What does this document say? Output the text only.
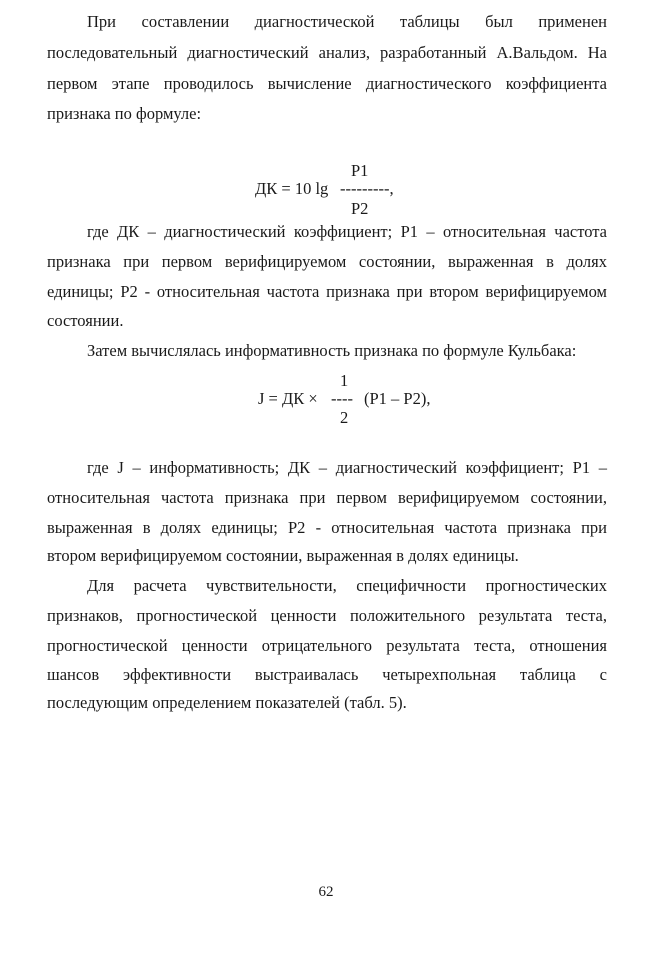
При составлении диагностической таблицы был применен
последовательный диагностический анализ, разработанный А.Вальдом. На
первом этапе проводилось вычисление диагностического коэффициента
признака по формуле:
P1
ДК = 10 lg ---------,
P2
где ДК – диагностический коэффициент; Р1 – относительная частота
признака при первом верифицируемом состоянии, выраженная в долях
единицы; Р2 - относительная частота признака при втором верифицируемом
состоянии.
Затем вычислялась информативность признака по формуле Кульбака:
1
J = ДК × ---- (P1 – P2),
2
где J – информативность; ДК – диагностический коэффициент; Р1 –
относительная частота признака при первом верифицируемом состоянии,
выраженная в долях единицы; Р2 - относительная частота признака при
втором верифицируемом состоянии, выраженная в долях единицы.
Для расчета чувствительности, специфичности прогностических
признаков, прогностической ценности положительного результата теста,
прогностической ценности отрицательного результата теста, отношения
шансов эффективности выстраивалась четырехпольная таблица с
последующим определением показателей (табл. 5).
62
